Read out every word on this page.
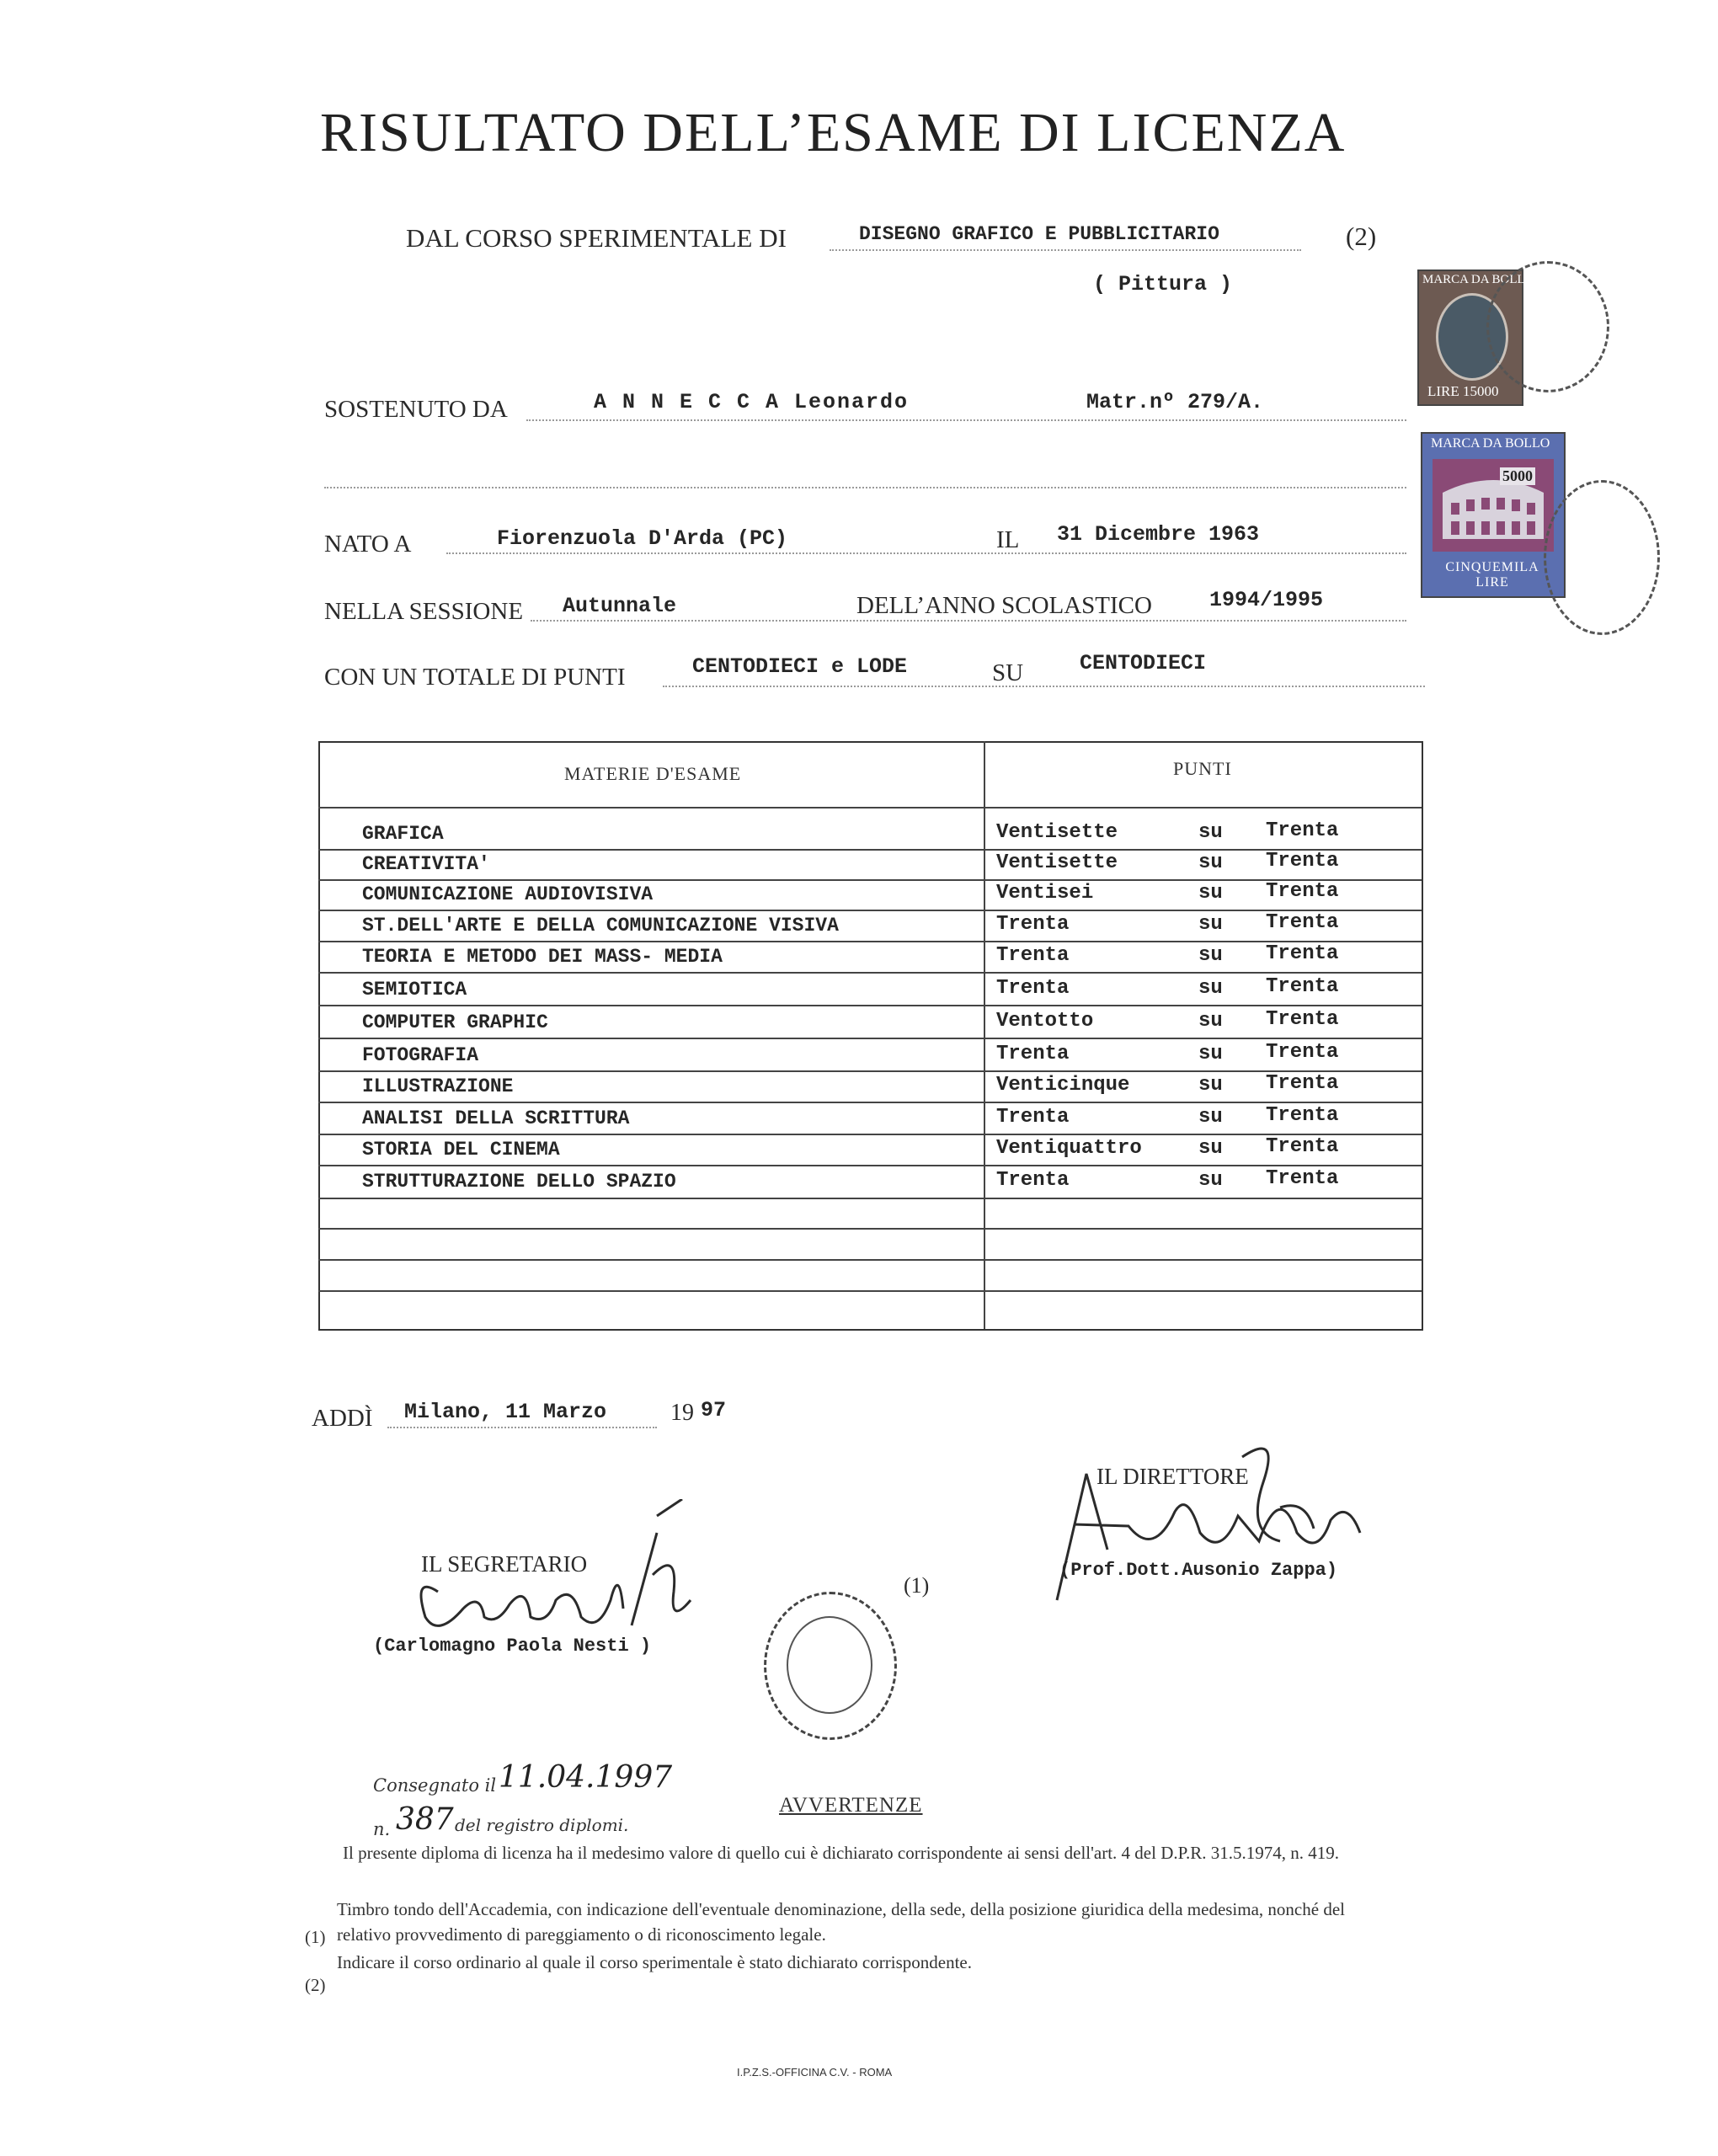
RISULTATO DELL’ESAME DI LICENZA
DAL CORSO SPERIMENTALE DI	DISEGNO GRAFICO E PUBBLICITARIO	(2)
( Pittura )
SOSTENUTO DA	A N N E C C A Leonardo	Matr.nº 279/A.
NATO A	Fiorenzuola D'Arda (PC)	IL 31 Dicembre 1963
NELLA SESSIONE Autunnale	DELL’ANNO SCOLASTICO	1994/1995
CON UN TOTALE DI PUNTI	CENTODIECI e LODE	SU	CENTODIECI
MARCA DA BOLLO
LIRE 15000
MARCA DA BOLLO
5000
CINQUEMILA LIRE
MATERIE D'ESAME	PUNTI
GRAFICA	Ventisette	su Trenta
CREATIVITA'	Ventisette	su Trenta
COMUNICAZIONE AUDIOVISIVA	Ventisei	su Trenta
ST.DELL'ARTE E DELLA COMUNICAZIONE VISIVA	Trenta	su Trenta
TEORIA E METODO DEI MASS- MEDIA	Trenta	su Trenta
SEMIOTICA	Trenta	su Trenta
COMPUTER GRAPHIC	Ventotto	su Trenta
FOTOGRAFIA	Trenta	su Trenta
ILLUSTRAZIONE	Venticinque	su Trenta
ANALISI DELLA SCRITTURA	Trenta	su Trenta
STORIA DEL CINEMA	Ventiquattro	su Trenta
STRUTTURAZIONE DELLO SPAZIO	Trenta	su Trenta
ADDÌ Milano, 11 Marzo	19 97
IL DIRETTORE
(Prof.Dott.Ausonio Zappa)
IL SEGRETARIO
(Carlomagno Paola Nesti )
(1)
Consegnato il 11.04.1997
n. 387 del registro diplomi.
AVVERTENZE
Il presente diploma di licenza ha il medesimo valore di quello cui è dichiarato corrispondente ai sensi dell'art. 4 del D.P.R. 31.5.1974, n. 419.
(1)
Timbro tondo dell'Accademia, con indicazione dell'eventuale denominazione, della sede, della posizione giuridica della medesima, nonché del relativo provvedimento di pareggiamento o di riconoscimento legale.
(2)
Indicare il corso ordinario al quale il corso sperimentale è stato dichiarato corrispondente.
I.P.Z.S.-OFFICINA C.V. - ROMA
